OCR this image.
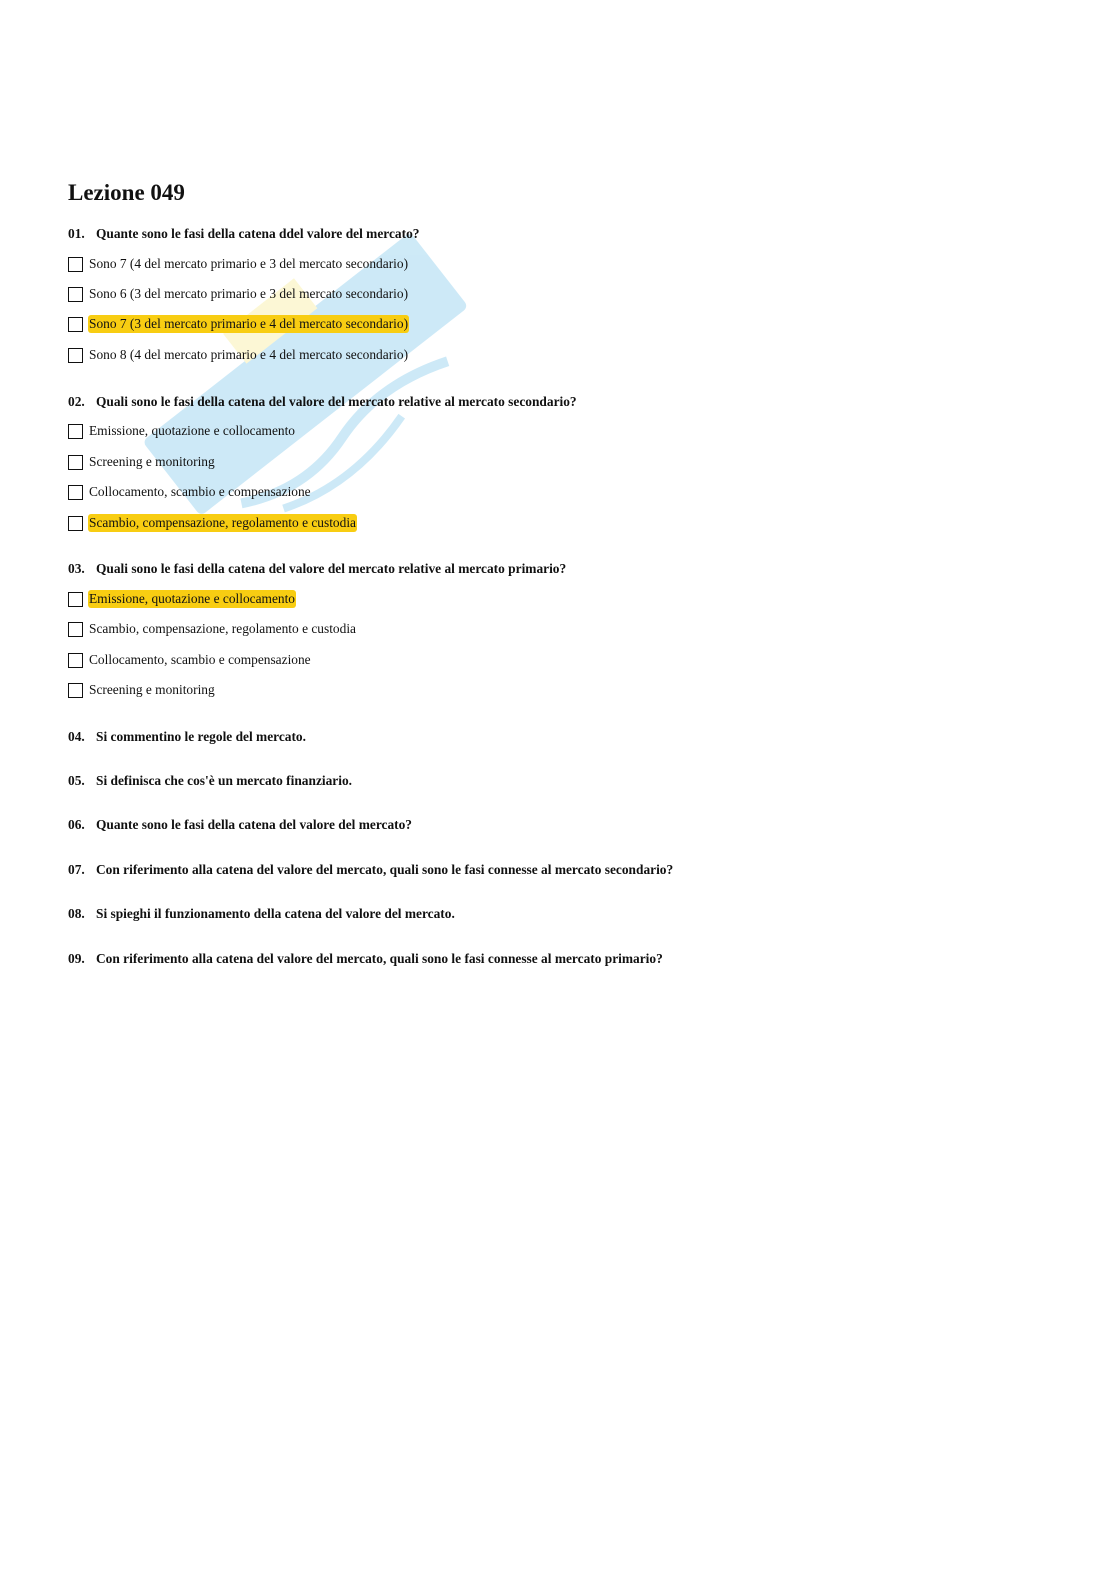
Lezione 049
01. Quante sono le fasi della catena ddel valore del mercato?
Sono 7 (4 del mercato primario e 3 del mercato secondario)
Sono 6 (3 del mercato primario e 3 del mercato secondario)
Sono 7 (3 del mercato primario e 4 del mercato secondario)
Sono 8 (4 del mercato primario e 4 del mercato secondario)
02. Quali sono le fasi della catena del valore del mercato relative al mercato secondario?
Emissione, quotazione e collocamento
Screening e monitoring
Collocamento, scambio e compensazione
Scambio, compensazione, regolamento e custodia
03. Quali sono le fasi della catena del valore del mercato relative al mercato primario?
Emissione, quotazione e collocamento
Scambio, compensazione, regolamento e custodia
Collocamento, scambio e compensazione
Screening e monitoring
04. Si commentino le regole del mercato.
05. Si definisca che cos'è un mercato finanziario.
06. Quante sono le fasi della catena del valore del mercato?
07. Con riferimento alla catena del valore del mercato, quali sono le fasi connesse al mercato secondario?
08. Si spieghi il funzionamento della catena del valore del mercato.
09. Con riferimento alla catena del valore del mercato, quali sono le fasi connesse al mercato primario?
